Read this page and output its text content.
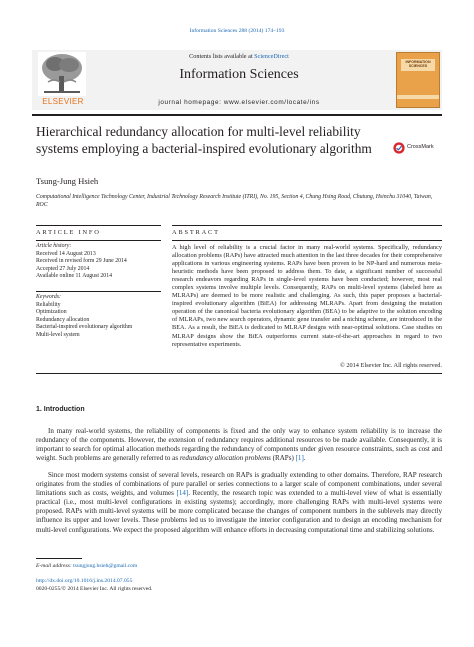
Information Sciences 288 (2014) 174–193
ELSEVIER
Contents lists available at ScienceDirect
Information Sciences
journal homepage: www.elsevier.com/locate/ins
INFORMATION SCIENCES
Hierarchical redundancy allocation for multi-level reliability systems employing a bacterial-inspired evolutionary algorithm	CrossMark
Tsung-Jung Hsieh
Computational Intelligence Technology Center, Industrial Technology Research Institute (ITRI), No. 195, Section 4, Chung Hsing Road, Chutung, Hsinchu 31040, Taiwan, ROC
ARTICLE INFO	ABSTRACT
Article history:
Received 14 August 2013
Received in revised form 29 June 2014
Accepted 27 July 2014
Available online 11 August 2014
Keywords:
Reliability
Optimization
Redundancy allocation
Bacterial-inspired evolutionary algorithm
Multi-level system
A high level of reliability is a crucial factor in many real-world systems. Specifically, redundancy allocation problems (RAPs) have attracted much attention in the last three decades for their comprehensive applications in various engineering systems. RAPs have been proven to be NP-hard and numerous meta-heuristic methods have been proposed to address them. To date, a significant number of successful research endeavors regarding RAPs in single-level systems have been conducted; however, most real complex systems involve multiple levels. Consequently, RAPs on multi-level systems (labeled here as MLRAPs) are deemed to be more realistic and challenging. As such, this paper proposes a bacterial-inspired evolutionary algorithm (BiEA) for addressing MLRAPs. Apart from designing the mutation operation of the canonical bacteria evolutionary algorithm (BEA) to be adaptive to the solution encoding of MLRAPs, two new search operators, dynamic gene transfer and a niching scheme, are introduced in the BEA. As a result, the BiEA is dedicated to MLRAP designs with near-optimal solutions. Case studies on MLRAP designs show the BiEA outperforms current state-of-the-art approaches in regard to two representative experiments.
© 2014 Elsevier Inc. All rights reserved.
1. Introduction
In many real-world systems, the reliability of components is fixed and the only way to enhance system reliability is to increase the redundancy of the components. However, the extension of redundancy requires additional resources to be made available. Consequently, it is important to search for optimal allocation methods regarding the redundancy of components under given resource constraints, such as cost and weight. Such problems are generally referred to as redundancy allocation problems (RAPs) [1].
Since most modern systems consist of several levels, research on RAPs is gradually extending to other domains. Therefore, RAP research originates from the studies of combinations of pure parallel or series connections to a larger scale of component combinations, under several limitations such as costs, weights, and volumes [14]. Recently, the research topic was extended to a multi-level view of what is essentially practical (i.e., most multi-level configurations in existing systems); accordingly, more challenging RAPs with multi-level systems were proposed. RAPs with multi-level systems will be more complicated because the changes of component numbers in the sublevels may directly influence its upper and lower levels. These problems led us to investigate the interior configuration and to design an encoding mechanism for multi-level configurations. We expect the proposed algorithm will enhance efforts in decreasing computational time and stabilizing solutions.
E-mail address: tsungjung.hsieh@gmail.com
http://dx.doi.org/10.1016/j.ins.2014.07.055
0020-0255/© 2014 Elsevier Inc. All rights reserved.
